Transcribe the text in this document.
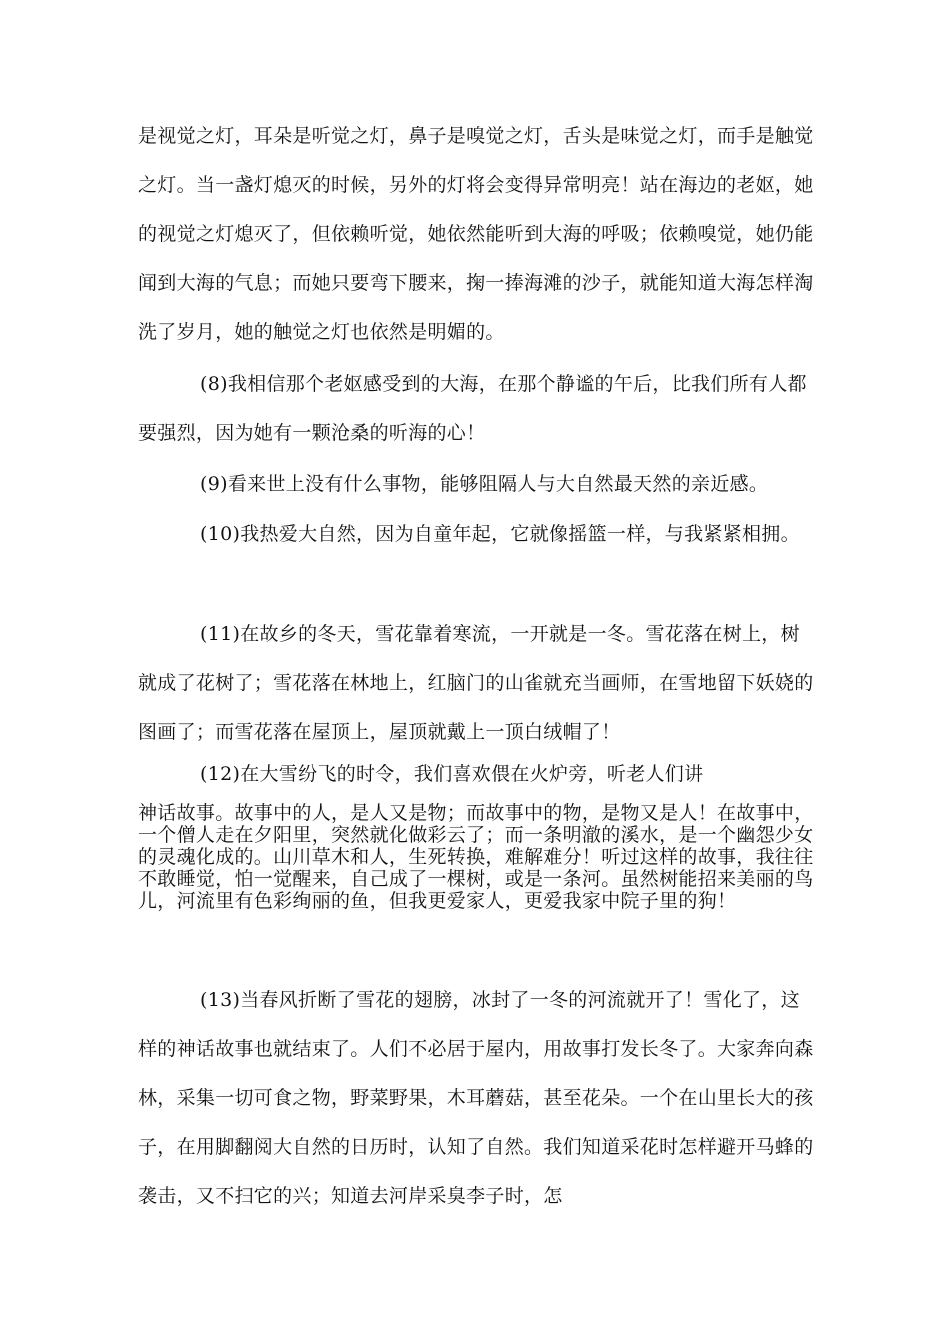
是视觉之灯，耳朵是听觉之灯，鼻子是嗅觉之灯，舌头是味觉之灯，而手是触觉之灯。当一盏灯熄灭的时候，另外的灯将会变得异常明亮！站在海边的老妪，她的视觉之灯熄灭了，但依赖听觉，她依然能听到大海的呼吸；依赖嗅觉，她仍能闻到大海的气息；而她只要弯下腰来，掬一捧海滩的沙子，就能知道大海怎样淘洗了岁月，她的触觉之灯也依然是明媚的。

(8)我相信那个老妪感受到的大海，在那个静谧的午后，比我们所有人都要强烈，因为她有一颗沧桑的听海的心！

(9)看来世上没有什么事物，能够阻隔人与大自然最天然的亲近感。

(10)我热爱大自然，因为自童年起，它就像摇篮一样，与我紧紧相拥。

(11)在故乡的冬天，雪花靠着寒流，一开就是一冬。雪花落在树上，树就成了花树了；雪花落在林地上，红脑门的山雀就充当画师，在雪地留下妖娆的图画了；而雪花落在屋顶上，屋顶就戴上一顶白绒帽了！

(12)在大雪纷飞的时令，我们喜欢偎在火炉旁，听老人们讲

神话故事。故事中的人，是人又是物；而故事中的物，是物又是人！在故事中，一个僧人走在夕阳里，突然就化做彩云了；而一条明澈的溪水，是一个幽怨少女的灵魂化成的。山川草木和人，生死转换，难解难分！听过这样的故事，我往往不敢睡觉，怕一觉醒来，自己成了一棵树，或是一条河。虽然树能招来美丽的鸟儿，河流里有色彩绚丽的鱼，但我更爱家人，更爱我家中院子里的狗！

(13)当春风折断了雪花的翅膀，冰封了一冬的河流就开了！雪化了，这样的神话故事也就结束了。人们不必居于屋内，用故事打发长冬了。大家奔向森林，采集一切可食之物，野菜野果，木耳蘑菇，甚至花朵。一个在山里长大的孩子，在用脚翻阅大自然的日历时，认知了自然。我们知道采花时怎样避开马蜂的袭击，又不扫它的兴；知道去河岸采臭李子时，怎
